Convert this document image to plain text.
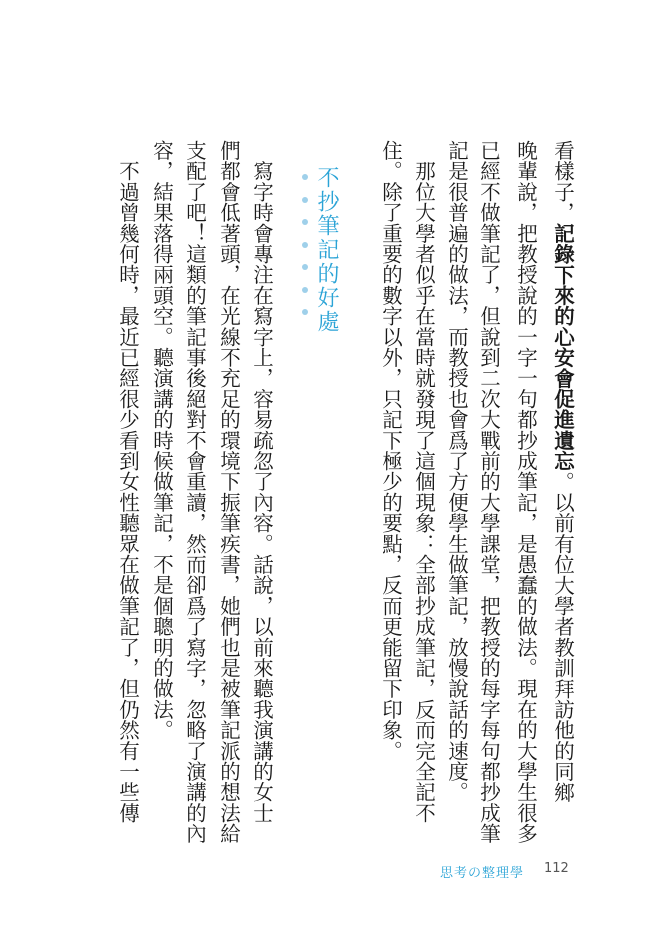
看樣子，記錄下來的心安會促進遺忘。以前有位大學者教訓拜訪他的同鄉
晚輩說，把教授說的一字一句都抄成筆記，是愚蠢的做法。現在的大學生很多
已經不做筆記了，但說到二次大戰前的大學課堂，把教授的每字每句都抄成筆
記是很普遍的做法，而教授也會爲了方便學生做筆記，放慢說話的速度。
　那位大學者似乎在當時就發現了這個現象：全部抄成筆記，反而完全記不
住。除了重要的數字以外，只記下極少的要點，反而更能留下印象。
不抄筆記的好處
　寫字時會專注在寫字上，容易疏忽了內容。話說，以前來聽我演講的女士
們都會低著頭，在光線不充足的環境下振筆疾書，她們也是被筆記派的想法給
支配了吧！這類的筆記事後絕對不會重讀，然而卻爲了寫字，忽略了演講的內
容，結果落得兩頭空。聽演講的時候做筆記，不是個聰明的做法。
　不過曾幾何時，最近已經很少看到女性聽眾在做筆記了，但仍然有一些傳
思考の整理學 112
